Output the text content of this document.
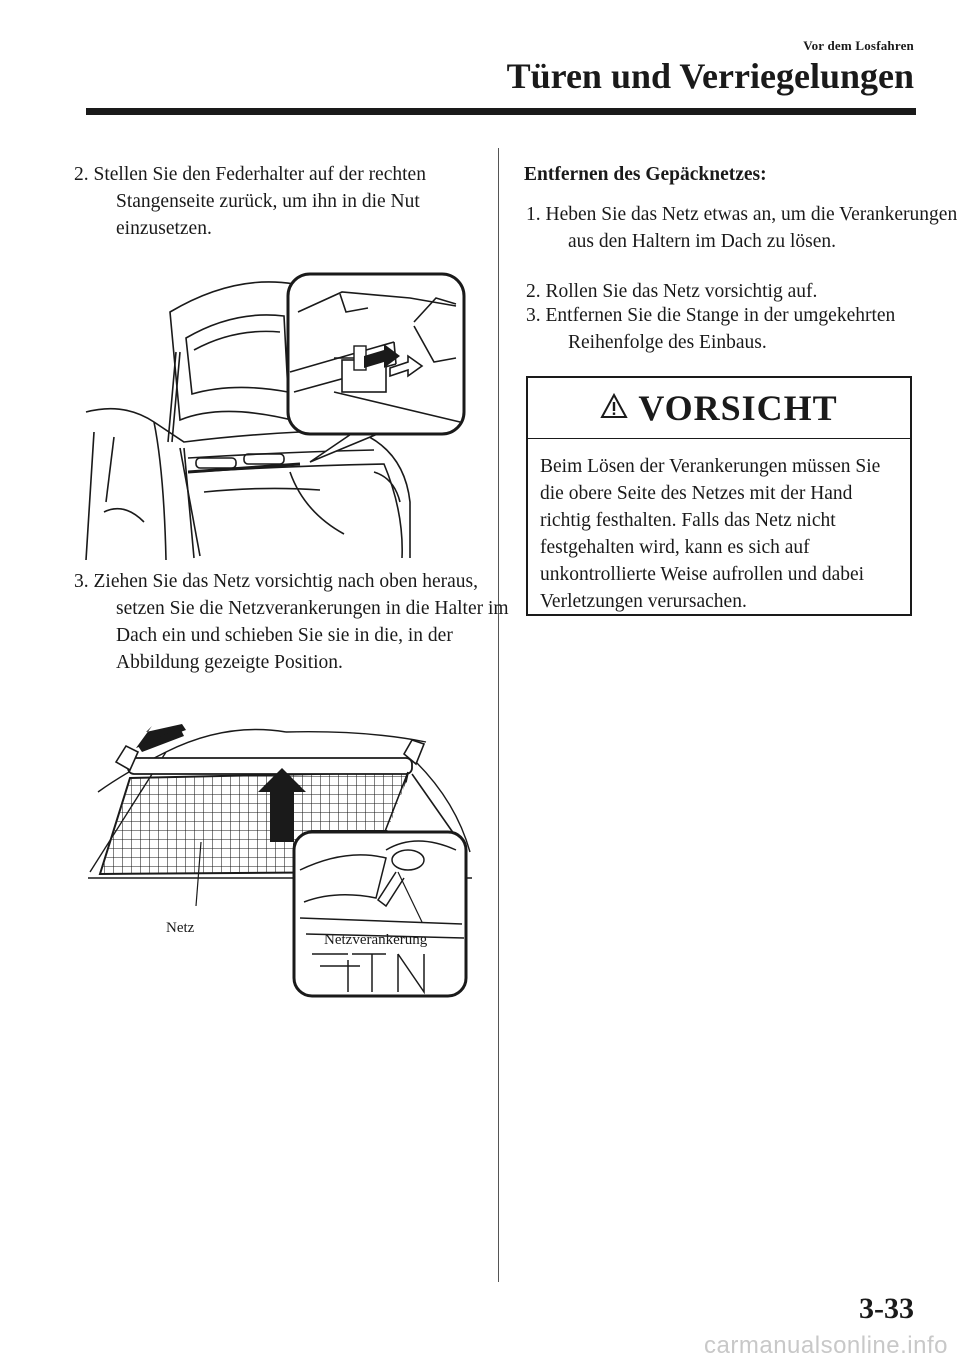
Vor dem Losfahren
Türen und Verriegelungen

2. Stellen Sie den Federhalter auf der rechten Stangenseite zurück, um ihn in die Nut einzusetzen.

3. Ziehen Sie das Netz vorsichtig nach oben heraus, setzen Sie die Netzverankerungen in die Halter im Dach ein und schieben Sie sie in die, in der Abbildung gezeigte Position.

Netz
Netzverankerung

Entfernen des Gepäcknetzes:

1. Heben Sie das Netz etwas an, um die Verankerungen aus den Haltern im Dach zu lösen.

2. Rollen Sie das Netz vorsichtig auf.

3. Entfernen Sie die Stange in der umgekehrten Reihenfolge des Einbaus.

VORSICHT
Beim Lösen der Verankerungen müssen Sie die obere Seite des Netzes mit der Hand richtig festhalten. Falls das Netz nicht festgehalten wird, kann es sich auf unkontrollierte Weise aufrollen und dabei Verletzungen verursachen.
3-33
carmanualsonline.info
